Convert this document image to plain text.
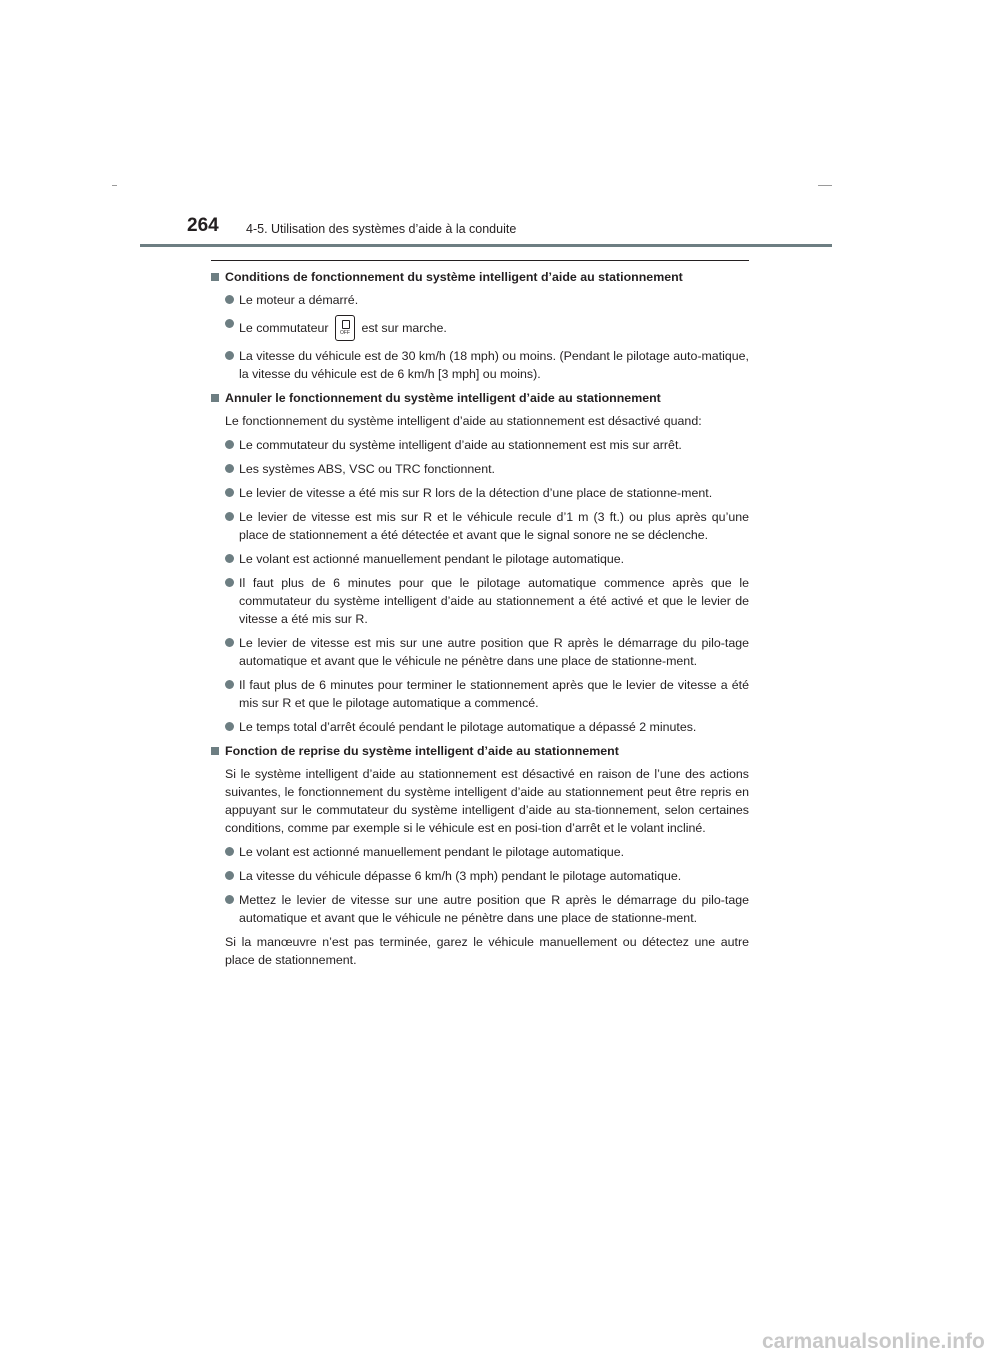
264 4-5. Utilisation des systèmes d’aide à la conduite
Conditions de fonctionnement du système intelligent d’aide au stationnement
Le moteur a démarré.
Le commutateur OFF est sur marche.
La vitesse du véhicule est de 30 km/h (18 mph) ou moins. (Pendant le pilotage auto-matique, la vitesse du véhicule est de 6 km/h [3 mph] ou moins).
Annuler le fonctionnement du système intelligent d’aide au stationnement
Le fonctionnement du système intelligent d’aide au stationnement est désactivé quand:
Le commutateur du système intelligent d’aide au stationnement est mis sur arrêt.
Les systèmes ABS, VSC ou TRC fonctionnent.
Le levier de vitesse a été mis sur R lors de la détection d’une place de stationne-ment.
Le levier de vitesse est mis sur R et le véhicule recule d’1 m (3 ft.) ou plus après qu’une place de stationnement a été détectée et avant que le signal sonore ne se déclenche.
Le volant est actionné manuellement pendant le pilotage automatique.
Il faut plus de 6 minutes pour que le pilotage automatique commence après que le commutateur du système intelligent d’aide au stationnement a été activé et que le levier de vitesse a été mis sur R.
Le levier de vitesse est mis sur une autre position que R après le démarrage du pilo-tage automatique et avant que le véhicule ne pénètre dans une place de stationne-ment.
Il faut plus de 6 minutes pour terminer le stationnement après que le levier de vitesse a été mis sur R et que le pilotage automatique a commencé.
Le temps total d’arrêt écoulé pendant le pilotage automatique a dépassé 2 minutes.
Fonction de reprise du système intelligent d’aide au stationnement
Si le système intelligent d’aide au stationnement est désactivé en raison de l’une des actions suivantes, le fonctionnement du système intelligent d’aide au stationnement peut être repris en appuyant sur le commutateur du système intelligent d’aide au sta-tionnement, selon certaines conditions, comme par exemple si le véhicule est en posi-tion d’arrêt et le volant incliné.
Le volant est actionné manuellement pendant le pilotage automatique.
La vitesse du véhicule dépasse 6 km/h (3 mph) pendant le pilotage automatique.
Mettez le levier de vitesse sur une autre position que R après le démarrage du pilo-tage automatique et avant que le véhicule ne pénètre dans une place de stationne-ment.
Si la manœuvre n’est pas terminée, garez le véhicule manuellement ou détectez une autre place de stationnement.
carmanualsonline.info
